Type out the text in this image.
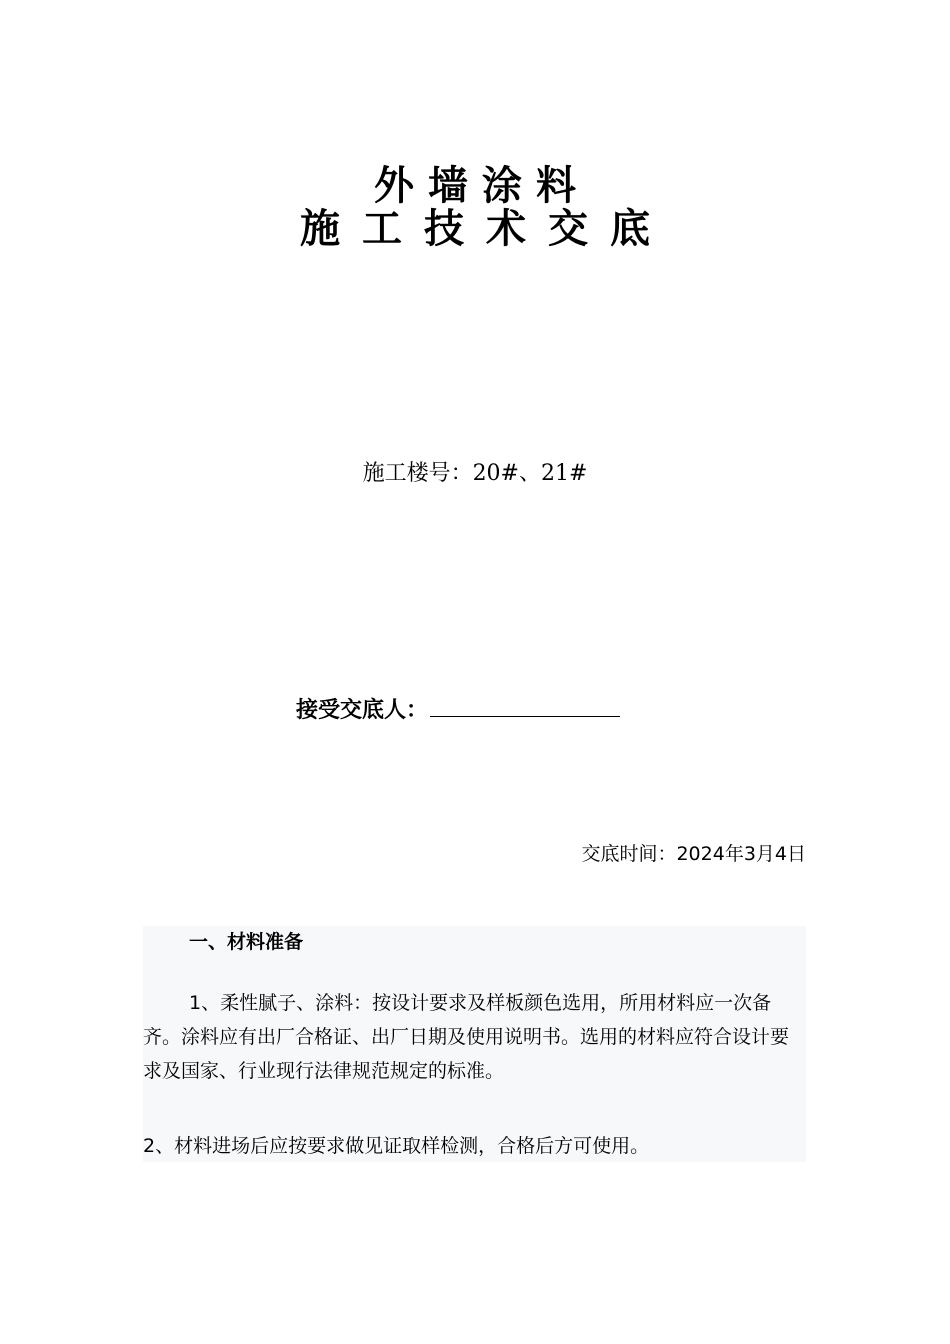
外墙涂料
施工技术交底
施工楼号：20#、21#
接受交底人：
交底时间：2024年3月4日
一、材料准备
1、柔性腻子、涂料：按设计要求及样板颜色选用，所用材料应一次备齐。涂料应有出厂合格证、出厂日期及使用说明书。选用的材料应符合设计要求及国家、行业现行法律规范规定的标准。
2、材料进场后应按要求做见证取样检测，合格后方可使用。
